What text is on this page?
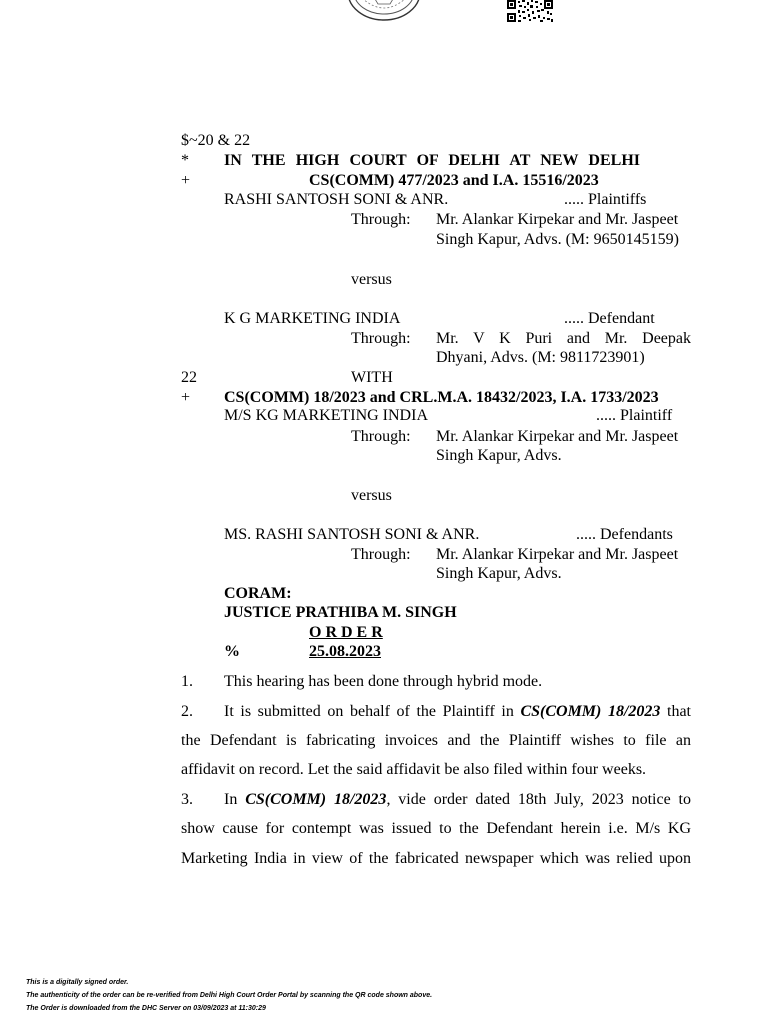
$~20 & 22
* IN THE HIGH COURT OF DELHI AT NEW DELHI
+	CS(COMM) 477/2023 and I.A. 15516/2023
RASHI SANTOSH SONI & ANR.	..... Plaintiffs
Through: Mr. Alankar Kirpekar and Mr. Jaspeet
Singh Kapur, Advs. (M: 9650145159)
versus
K G MARKETING INDIA	..... Defendant
Through: Mr. V K Puri and Mr. Deepak
Dhyani, Advs. (M: 9811723901)
22	WITH
+ CS(COMM) 18/2023 and CRL.M.A. 18432/2023, I.A. 1733/2023
M/S KG MARKETING INDIA	..... Plaintiff
Through: Mr. Alankar Kirpekar and Mr. Jaspeet
Singh Kapur, Advs.
versus
MS. RASHI SANTOSH SONI & ANR.	..... Defendants
Through: Mr. Alankar Kirpekar and Mr. Jaspeet
Singh Kapur, Advs.
CORAM:
JUSTICE PRATHIBA M. SINGH
O R D E R
%	25.08.2023
1. This hearing has been done through hybrid mode.
2. It is submitted on behalf of the Plaintiff in CS(COMM) 18/2023 that
the Defendant is fabricating invoices and the Plaintiff wishes to file an
affidavit on record. Let the said affidavit be also filed within four weeks.
3. In CS(COMM) 18/2023, vide order dated 18th July, 2023 notice to
show cause for contempt was issued to the Defendant herein i.e. M/s KG
Marketing India in view of the fabricated newspaper which was relied upon
This is a digitally signed order.
The authenticity of the order can be re-verified from Delhi High Court Order Portal by scanning the QR code shown above.
The Order is downloaded from the DHC Server on 03/09/2023 at 11:30:29
